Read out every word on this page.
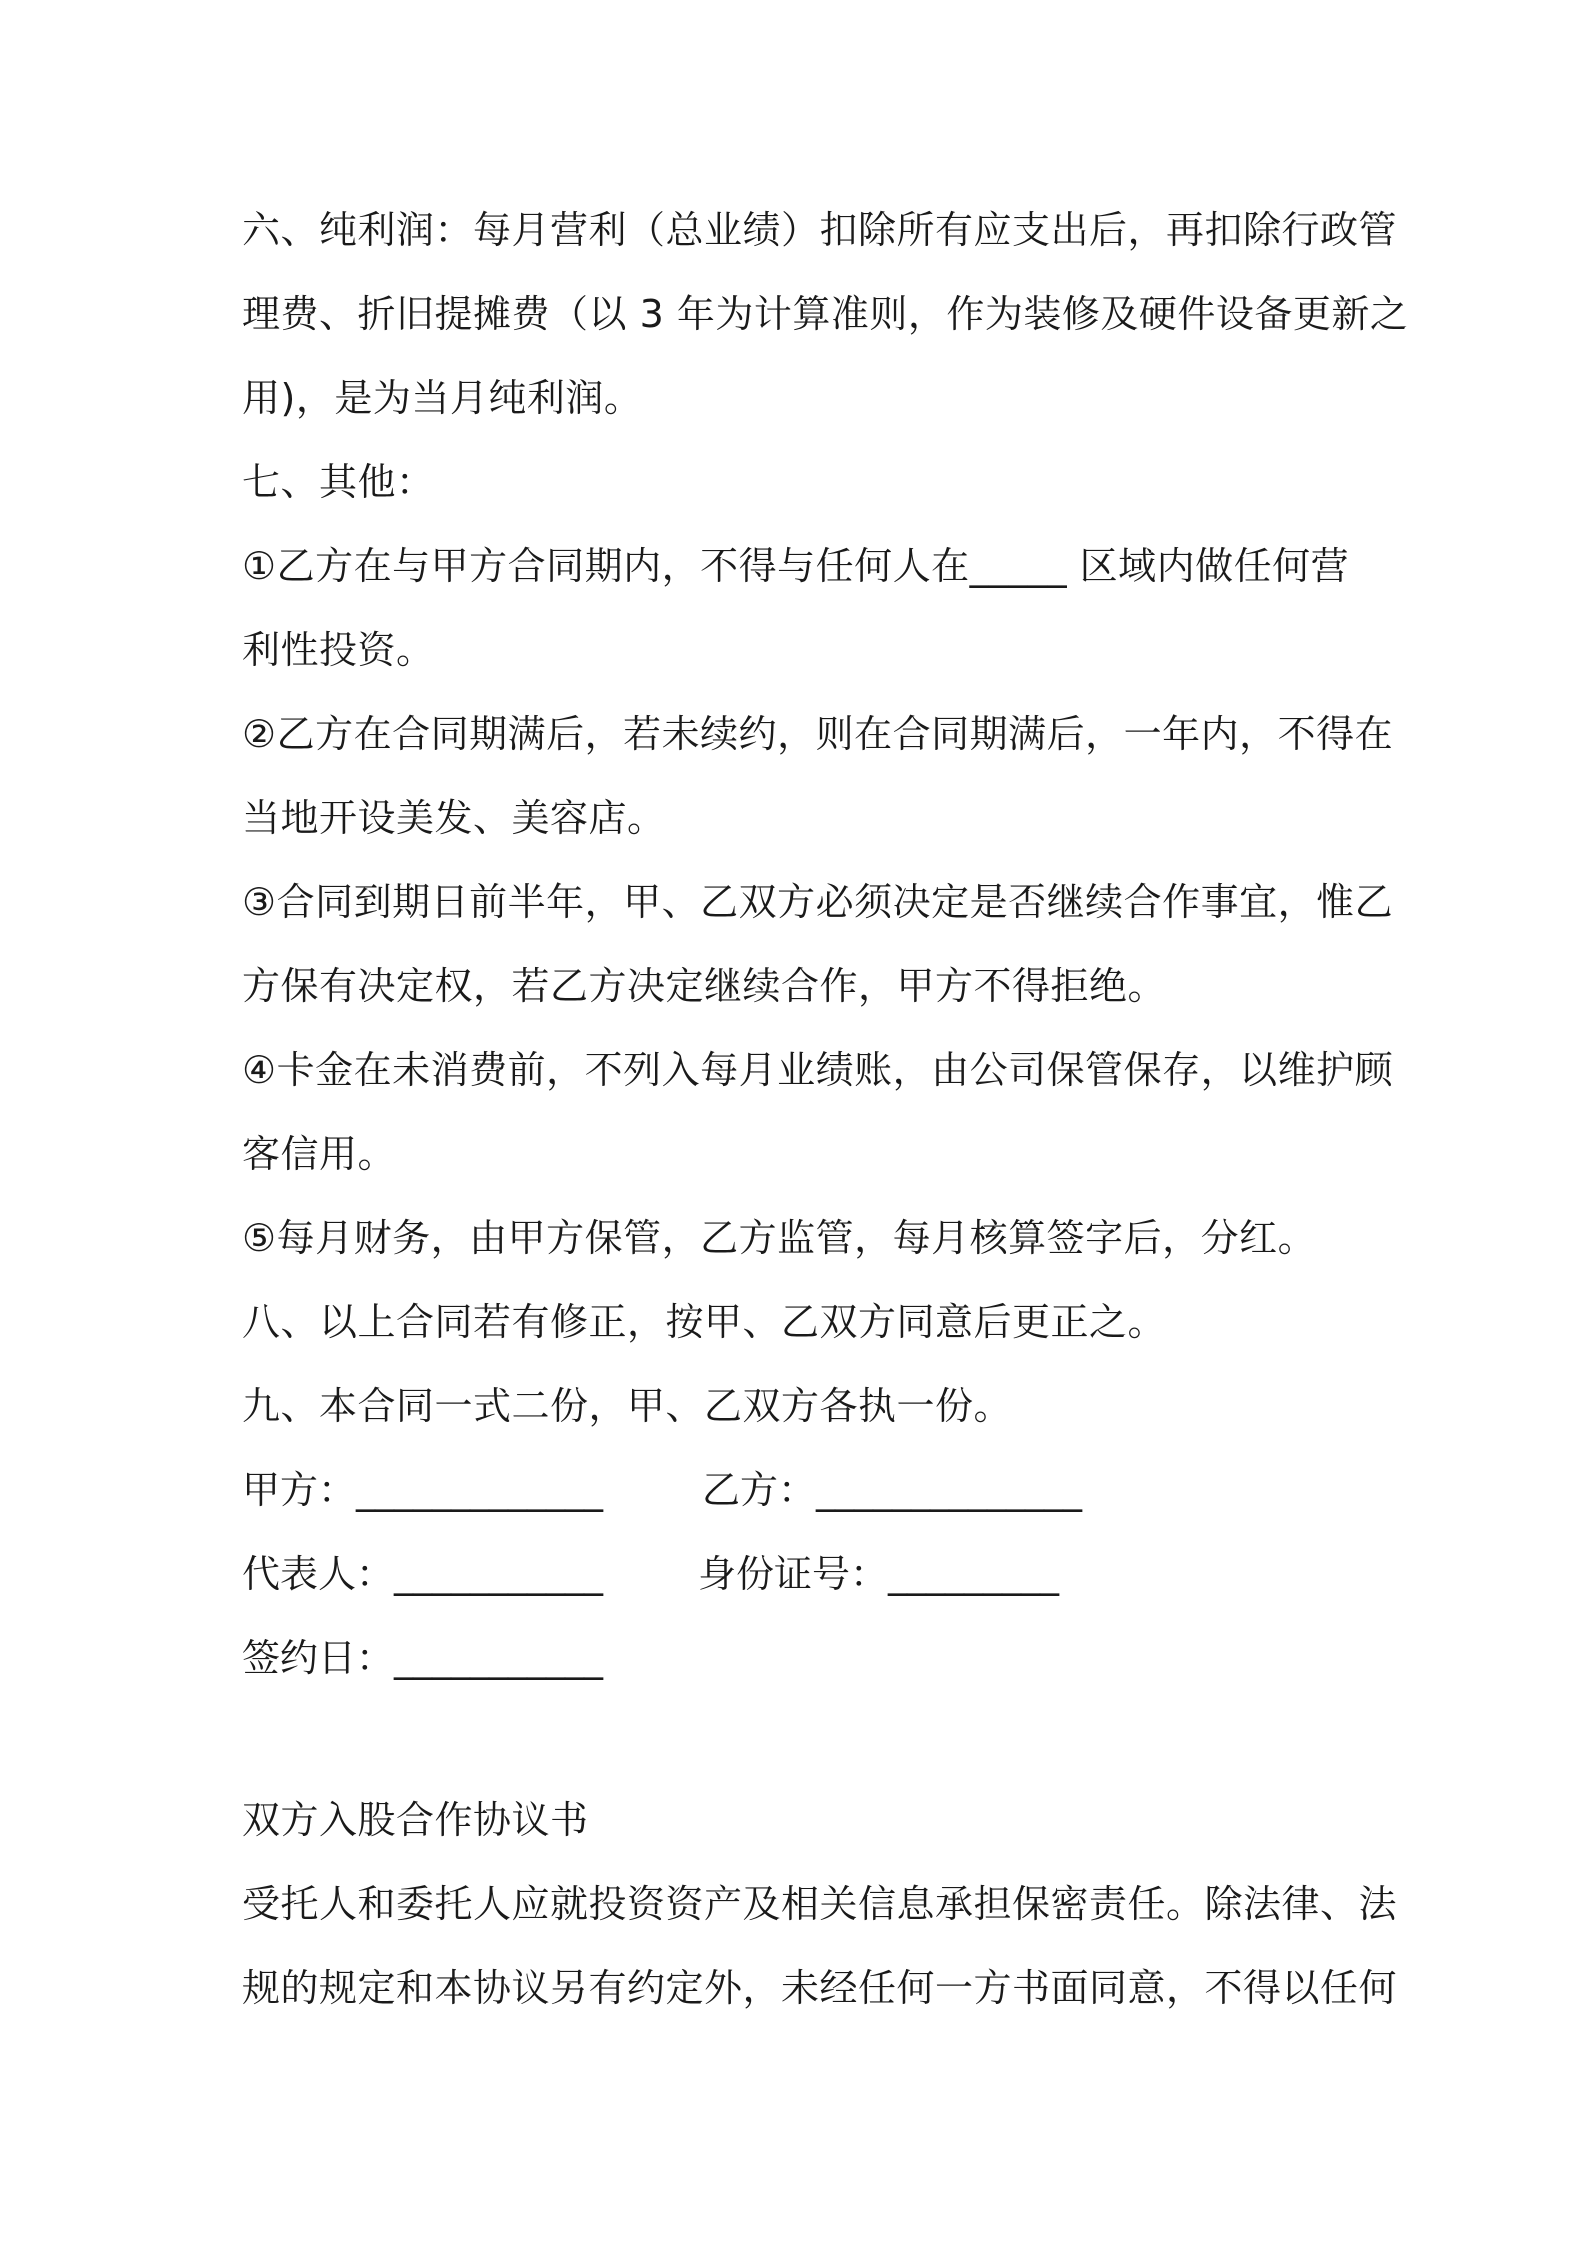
六、纯利润：每月营利（总业绩）扣除所有应支出后，再扣除行政管
理费、折旧提摊费（以 3 年为计算准则，作为装修及硬件设备更新之
用)，是为当月纯利润。
七、其他：
①乙方在与甲方合同期内，不得与任何人在_____ 区域内做任何营
利性投资。
②乙方在合同期满后，若未续约，则在合同期满后，一年内，不得在
当地开设美发、美容店。
③合同到期日前半年，甲、乙双方必须决定是否继续合作事宜，惟乙
方保有决定权，若乙方决定继续合作，甲方不得拒绝。
④卡金在未消费前，不列入每月业绩账，由公司保管保存，以维护顾
客信用。
⑤每月财务，由甲方保管，乙方监管，每月核算签字后，分红。
八、以上合同若有修正，按甲、乙双方同意后更正之。
九、本合同一式二份，甲、乙双方各执一份。
甲方：_____________	乙方：______________
代表人：___________ 身份证号：_________
签约日：___________
双方入股合作协议书
受托人和委托人应就投资资产及相关信息承担保密责任。除法律、法
规的规定和本协议另有约定外，未经任何一方书面同意，不得以任何
